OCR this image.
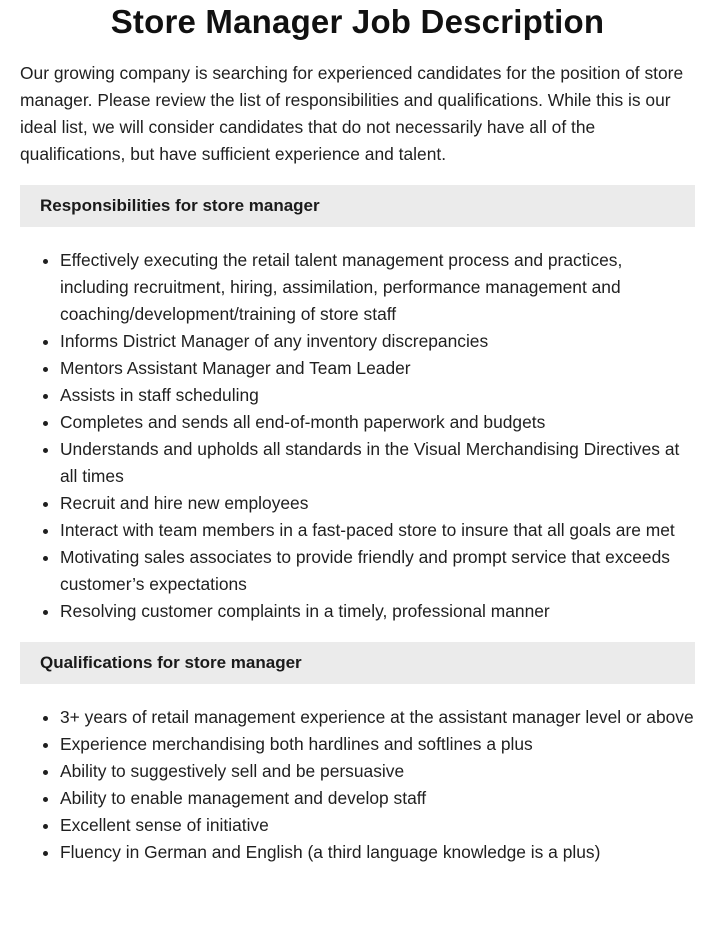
Store Manager Job Description

Our growing company is searching for experienced candidates for the position of store manager. Please review the list of responsibilities and qualifications. While this is our ideal list, we will consider candidates that do not necessarily have all of the qualifications, but have sufficient experience and talent.

Responsibilities for store manager
Effectively executing the retail talent management process and practices, including recruitment, hiring, assimilation, performance management and coaching/development/training of store staff
Informs District Manager of any inventory discrepancies
Mentors Assistant Manager and Team Leader
Assists in staff scheduling
Completes and sends all end-of-month paperwork and budgets
Understands and upholds all standards in the Visual Merchandising Directives at all times
Recruit and hire new employees
Interact with team members in a fast-paced store to insure that all goals are met
Motivating sales associates to provide friendly and prompt service that exceeds customer’s expectations
Resolving customer complaints in a timely, professional manner
Qualifications for store manager
3+ years of retail management experience at the assistant manager level or above
Experience merchandising both hardlines and softlines a plus
Ability to suggestively sell and be persuasive
Ability to enable management and develop staff
Excellent sense of initiative
Fluency in German and English (a third language knowledge is a plus)
